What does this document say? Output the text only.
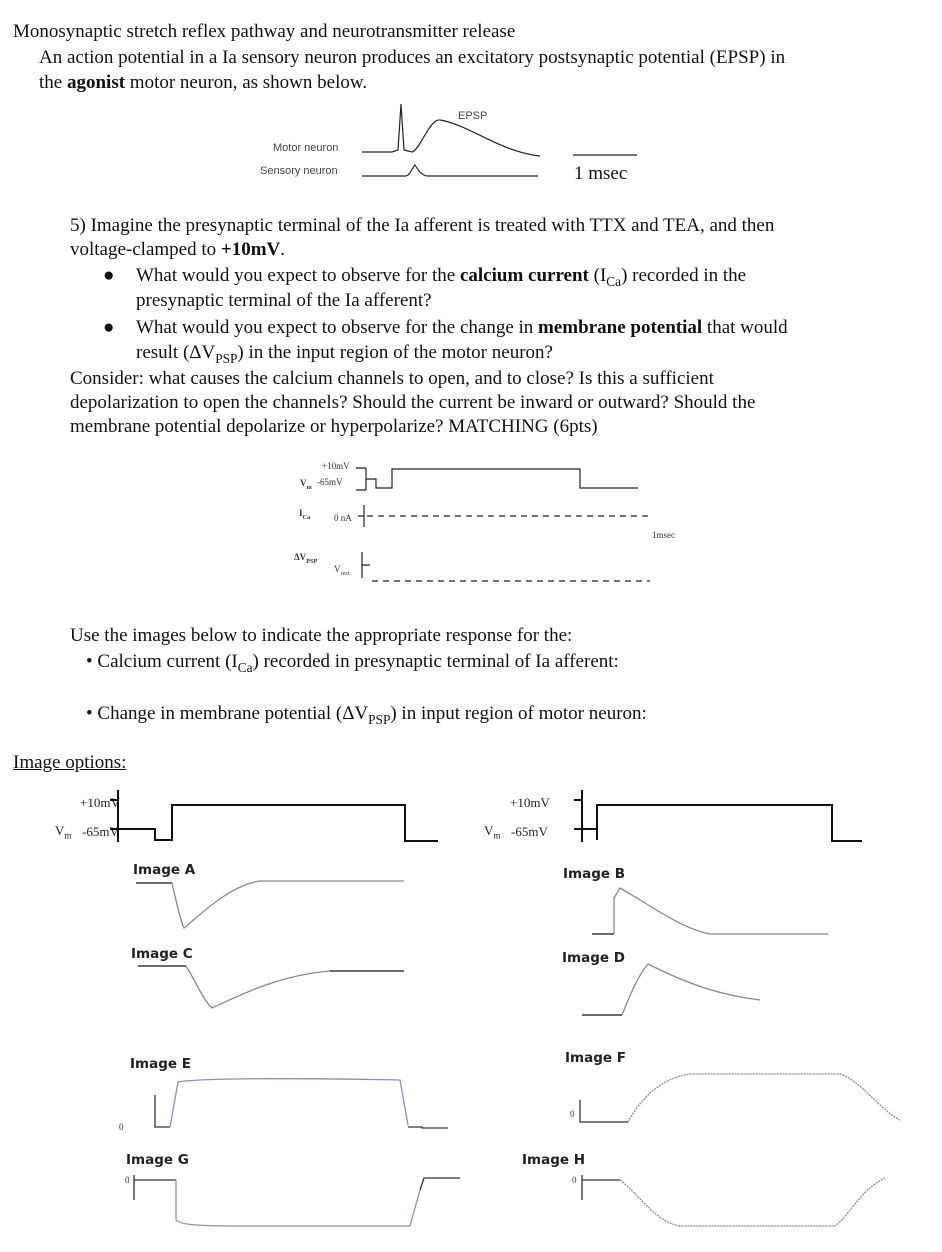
Monosynaptic stretch reflex pathway and neurotransmitter release
An action potential in a Ia sensory neuron produces an excitatory postsynaptic potential (EPSP) in
the agonist motor neuron, as shown below.
EPSP
Motor neuron
Sensory neuron	1 msec
5) Imagine the presynaptic terminal of the Ia afferent is treated with TTX and TEA, and then
voltage-clamped to +10mV.
● What would you expect to observe for the calcium current $(I_{Ca})$ recorded in the
presynaptic terminal of the Ia afferent?
● What would you expect to observe for the change in membrane potential that would
result $(\Delta V_{PSP})$ in the input region of the motor neuron?
Consider: what causes the calcium channels to open, and to close? Is this a sufficient
depolarization to open the channels? Should the current be inward or outward? Should the
membrane potential depolarize or hyperpolarize? MATCHING (6pts)
+10mV
$V_m$
-65mV
$I_{Ca}$	0 nA
$\Delta V_{PSP}$
$V_{rest}$
1msec
Use the images below to indicate the appropriate response for the:
• Calcium current $(I_{Ca})$ recorded in presynaptic terminal of Ia afferent:
• Change in membrane potential $(\Delta V_{PSP})$ in input region of motor neuron:
Image options:
+10mV
$V_m$ -65mV
+10mV
$V_m$ -65mV
Image A	Image B
Image C	Image D
Image E	Image F
Image G	Image H
0
0
0	0
